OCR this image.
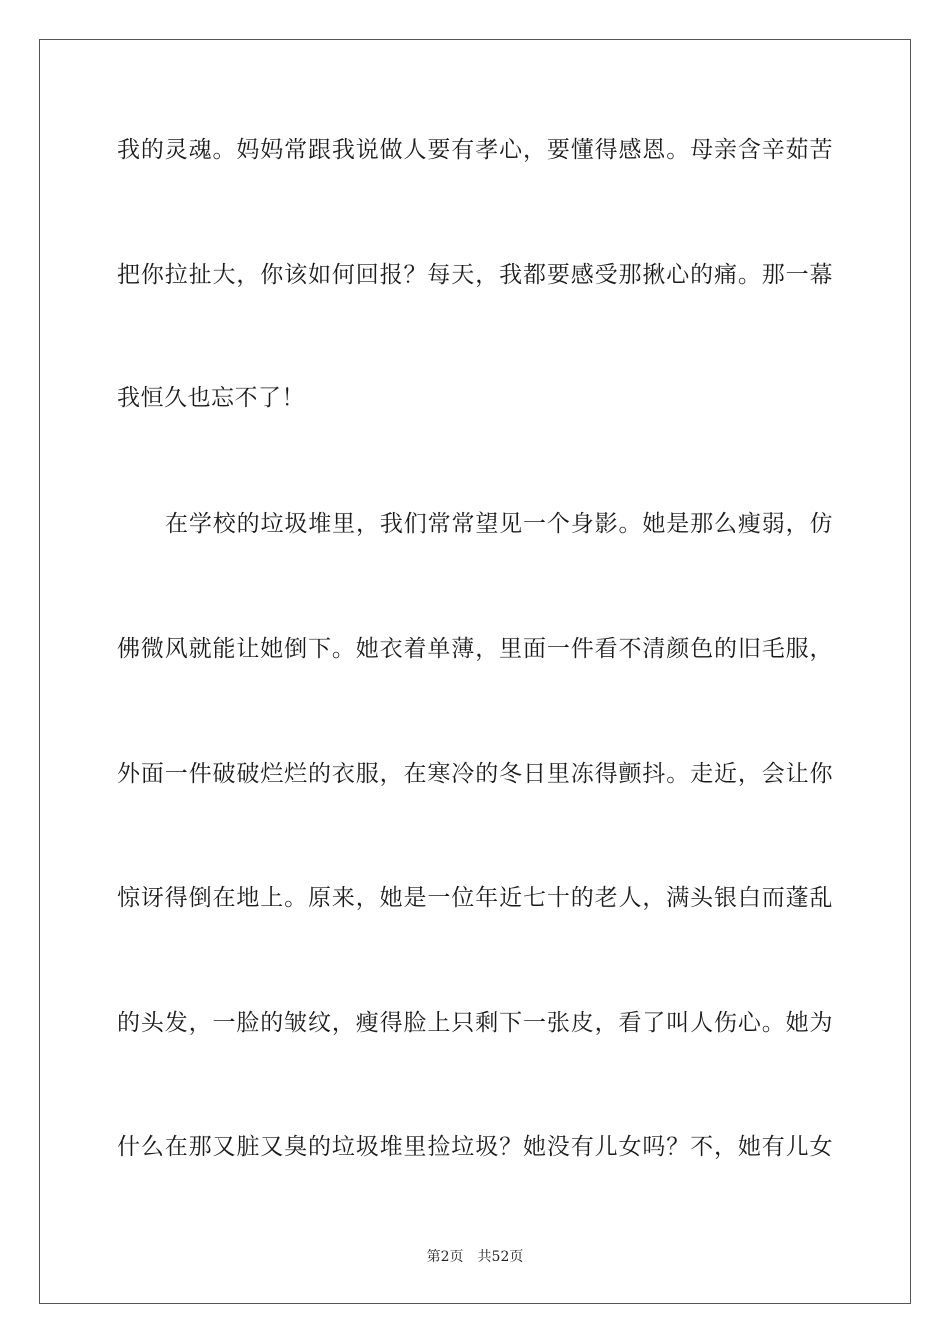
我的灵魂。妈妈常跟我说做人要有孝心，要懂得感恩。母亲含辛茹苦
把你拉扯大，你该如何回报？每天，我都要感受那揪心的痛。那一幕
我恒久也忘不了！
在学校的垃圾堆里，我们常常望见一个身影。她是那么瘦弱，仿
佛微风就能让她倒下。她衣着单薄，里面一件看不清颜色的旧毛服，
外面一件破破烂烂的衣服，在寒冷的冬日里冻得颤抖。走近，会让你
惊讶得倒在地上。原来，她是一位年近七十的老人，满头银白而蓬乱
的头发，一脸的皱纹，瘦得脸上只剩下一张皮，看了叫人伤心。她为
什么在那又脏又臭的垃圾堆里捡垃圾？她没有儿女吗？不，她有儿女
第2页 共52页
